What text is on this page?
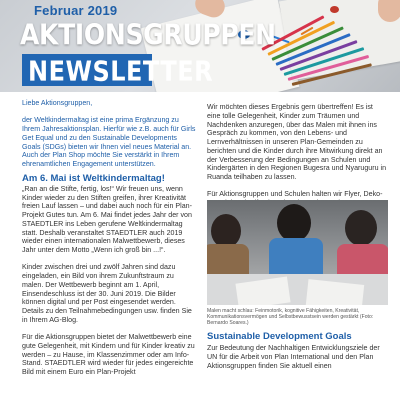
Februar 2019
AKTIONSGRUPPEN
NEWSLETTER

Liebe Aktionsgruppen,

der Weltkindermaltag ist eine prima Ergänzung zu Ihrem Jahresaktionsplan. Hierfür wie z.B. auch für Girls Get Equal und zu den Sustainable Developments Goals (SDGs) bieten wir Ihnen viel neues Material an. Auch der Plan Shop möchte Sie verstärkt in Ihrem ehrenamtlichen Engagement unterstützen.

Am 6. Mai ist Weltkindermaltag!

„Ran an die Stifte, fertig, los!“ Wir freuen uns, wenn Kinder wieder zu den Stiften greifen, ihrer Kreativität freien Lauf lassen – und dabei auch noch für ein Plan-Projekt Gutes tun. Am 6. Mai findet jedes Jahr der von STAEDTLER ins Leben gerufene Weltkindermaltag statt. Deshalb veranstaltet STAEDTLER auch 2019 wieder einen internationalen Malwettbewerb, dieses Jahr unter dem Motto „Wenn ich groß bin ...!“.

Kinder zwischen drei und zwölf Jahren sind dazu eingeladen, ein Bild von ihrem Zukunftstraum zu malen. Der Wettbewerb beginnt am 1. April, Einsendeschluss ist der 30. Juni 2019. Die Bilder können digital und per Post eingesendet werden. Details zu den Teilnahmebedingungen usw. finden Sie in Ihrem AG-Blog.

Für die Aktionsgruppen bietet der Malwettbewerb eine gute Gelegenheit, mit Kindern und für Kinder kreativ zu werden – zu Hause, im Klassenzimmer oder am Info-Stand. STAEDTLER wird wieder für jedes eingereichte Bild mit einem Euro ein Plan-Projekt

Wir möchten dieses Ergebnis gern übertreffen! Es ist eine tolle Gelegenheit, Kinder zum Träumen und Nachdenken anzuregen, über das Malen mit ihnen ins Gespräch zu kommen, von den Lebens- und Lernverhältnissen in unseren Plan-Gemeinden zu berichten und die Kinder durch ihre Mitwirkung direkt an der Verbesserung der Bedingungen an Schulen und Kindergärten in den Regionen Bugesra und Nyaruguru in Ruanda teilhaben zu lassen.

Für Aktionsgruppen und Schulen halten wir Flyer, Deko-

Malen macht schlau: Feinmotorik, kognitive Fähigkeiten, Kreativität, Kommunikationsvermögen und Selbstbewusstsein werden gestärkt (Foto: Bernardo Soares.)
Sustainable Development Goals

Zur Bedeutung der Nachhaltigen Entwicklungsziele der UN für die Arbeit von Plan International und den Plan Aktionsgruppen finden Sie aktuell einen
